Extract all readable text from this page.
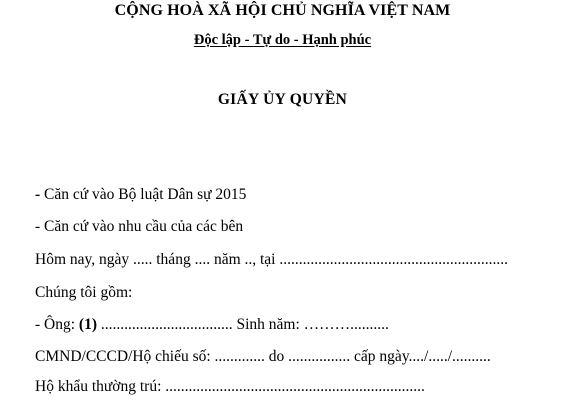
CỘNG HOÀ XÃ HỘI CHỦ NGHĨA VIỆT NAM
Độc lập - Tự do - Hạnh phúc
GIẤY ỦY QUYỀN
- Căn cứ vào Bộ luật Dân sự 2015
- Căn cứ vào nhu cầu của các bên
Hôm nay, ngày ..... tháng .... năm .., tại ...........................................................
Chúng tôi gồm:
- Ông: (1) .................................. Sinh năm: ………..........
CMND/CCCD/Hộ chiếu số: ............. do ................ cấp ngày..../...../..........
Hộ khẩu thường trú: ...................................................................
